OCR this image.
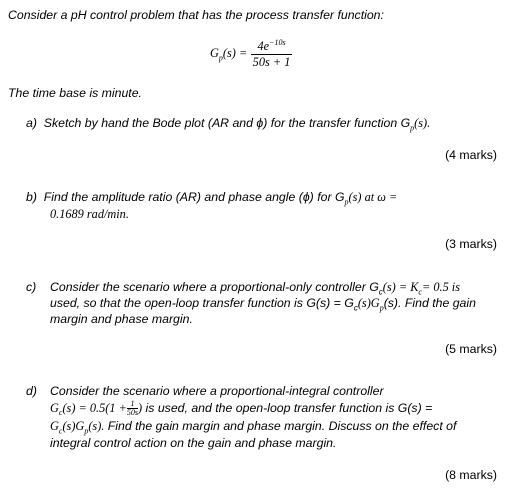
Consider a pH control problem that has the process transfer function:
$G_p(s) = \frac{4e^{-10s}}{50s + 1}$
The time base is minute.
a) Sketch by hand the Bode plot (AR and ϕ) for the transfer function $G_p(s)$.
(4 marks)
b) Find the amplitude ratio (AR) and phase angle (ϕ) for $G_p(s)$ at ω =
0.1689 rad/min.
(3 marks)
c) Consider the scenario where a proportional-only controller $G_c(s) = K_c= 0.5$ is
used, so that the open-loop transfer function is $G(s) = G_c(s)G_p(s)$. Find the gain
margin and phase margin.
(5 marks)
d) Consider the scenario where a proportional-integral controller
$G_c(s) = 0.5(1 + \frac{1}{50s}$ ) is used, and the open-loop transfer function is G(s) =
$G_c(s)G_p(s)$. Find the gain margin and phase margin. Discuss on the effect of
integral control action on the gain and phase margin.
(8 marks)
